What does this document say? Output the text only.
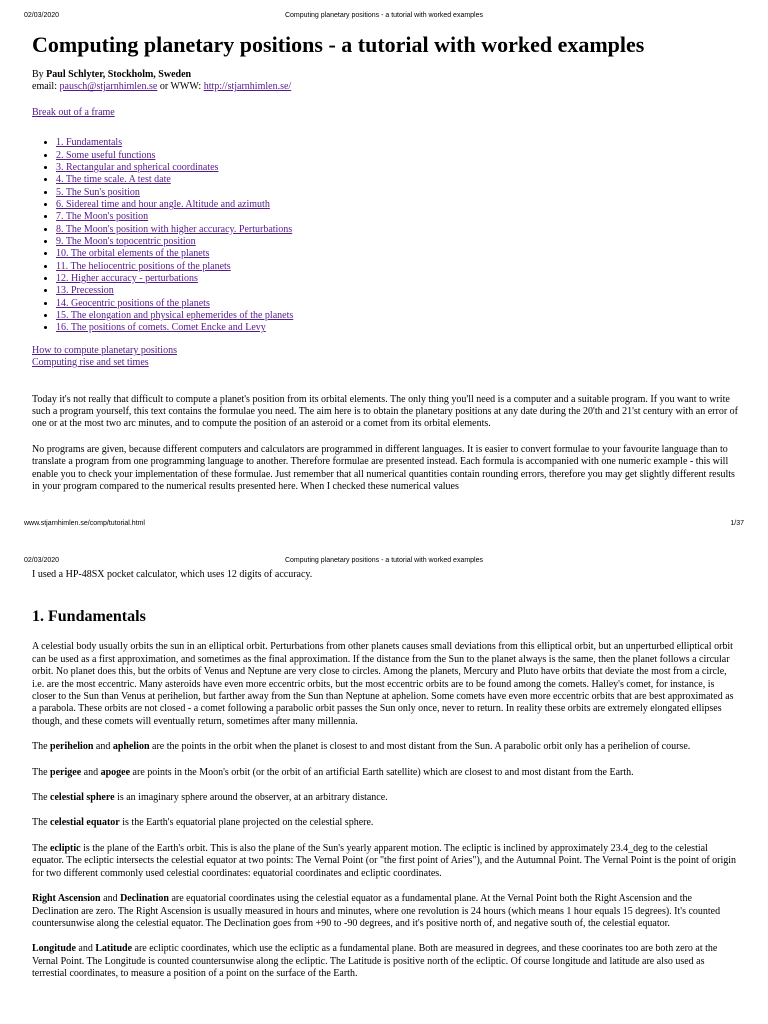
02/03/2020	Computing planetary positions - a tutorial with worked examples
Computing planetary positions - a tutorial with worked examples

By Paul Schlyter, Stockholm, Sweden
email: pausch@stjarnhimlen.se or WWW: http://stjarnhimlen.se/

Break out of a frame

• 1. Fundamentals
• 2. Some useful functions
• 3. Rectangular and spherical coordinates
• 4. The time scale. A test date
• 5. The Sun's position
• 6. Sidereal time and hour angle. Altitude and azimuth
• 7. The Moon's position
• 8. The Moon's position with higher accuracy. Perturbations
• 9. The Moon's topocentric position
• 10. The orbital elements of the planets
• 11. The heliocentric positions of the planets
• 12. Higher accuracy - perturbations
• 13. Precession
• 14. Geocentric positions of the planets
• 15. The elongation and physical ephemerides of the planets
• 16. The positions of comets. Comet Encke and Levy

How to compute planetary positions
Computing rise and set times

Today it's not really that difficult to compute a planet's position from its orbital elements. The only thing you'll need is a computer and a suitable program. If you want to write such a program yourself, this text contains the formulae you need. The aim here is to obtain the planetary positions at any date during the 20'th and 21'st century with an error of one or at the most two arc minutes, and to compute the position of an asteroid or a comet from its orbital elements.

No programs are given, because different computers and calculators are programmed in different languages. It is easier to convert formulae to your favourite language than to translate a program from one programming language to another. Therefore formulae are presented instead. Each formula is accompanied with one numeric example - this will enable you to check your implementation of these formulae. Just remember that all numerical quantities contain rounding errors, therefore you may get slightly different results in your program compared to the numerical results presented here. When I checked these numerical values

www.stjarnhimlen.se/comp/tutorial.html	1/37
02/03/2020	Computing planetary positions - a tutorial with worked examples

I used a HP-48SX pocket calculator, which uses 12 digits of accuracy.

1. Fundamentals

A celestial body usually orbits the sun in an elliptical orbit. Perturbations from other planets causes small deviations from this elliptical orbit, but an unperturbed elliptical orbit can be used as a first approximation, and sometimes as the final approximation. If the distance from the Sun to the planet always is the same, then the planet follows a circular orbit. No planet does this, but the orbits of Venus and Neptune are very close to circles. Among the planets, Mercury and Pluto have orbits that deviate the most from a circle, i.e. are the most eccentric. Many asteroids have even more eccentric orbits, but the most eccentric orbits are to be found among the comets. Halley's comet, for instance, is closer to the Sun than Venus at perihelion, but farther away from the Sun than Neptune at aphelion. Some comets have even more eccentric orbits that are best approximated as a parabola. These orbits are not closed - a comet following a parabolic orbit passes the Sun only once, never to return. In reality these orbits are extremely elongated ellipses though, and these comets will eventually return, sometimes after many millennia.

The perihelion and aphelion are the points in the orbit when the planet is closest to and most distant from the Sun. A parabolic orbit only has a perihelion of course.

The perigee and apogee are points in the Moon's orbit (or the orbit of an artificial Earth satellite) which are closest to and most distant from the Earth.

The celestial sphere is an imaginary sphere around the observer, at an arbitrary distance.

The celestial equator is the Earth's equatorial plane projected on the celestial sphere.

The ecliptic is the plane of the Earth's orbit. This is also the plane of the Sun's yearly apparent motion. The ecliptic is inclined by approximately 23.4_deg to the celestial equator. The ecliptic intersects the celestial equator at two points: The Vernal Point (or "the first point of Aries"), and the Autumnal Point. The Vernal Point is the point of origin for two different commonly used celestial coordinates: equatorial coordinates and ecliptic coordinates.

Right Ascension and Declination are equatorial coordinates using the celestial equator as a fundamental plane. At the Vernal Point both the Right Ascension and the Declination are zero. The Right Ascension is usually measured in hours and minutes, where one revolution is 24 hours (which means 1 hour equals 15 degrees). It's counted countersunwise along the celestial equator. The Declination goes from +90 to -90 degrees, and it's positive north of, and negative south of, the celestial equator.

Longitude and Latitude are ecliptic coordinates, which use the ecliptic as a fundamental plane. Both are measured in degrees, and these coorinates too are both zero at the Vernal Point. The Longitude is counted countersunwise along the ecliptic. The Latitude is positive north of the ecliptic. Of course longitude and latitude are also used as terrestial coordinates, to measure a position of a point on the surface of the Earth.
